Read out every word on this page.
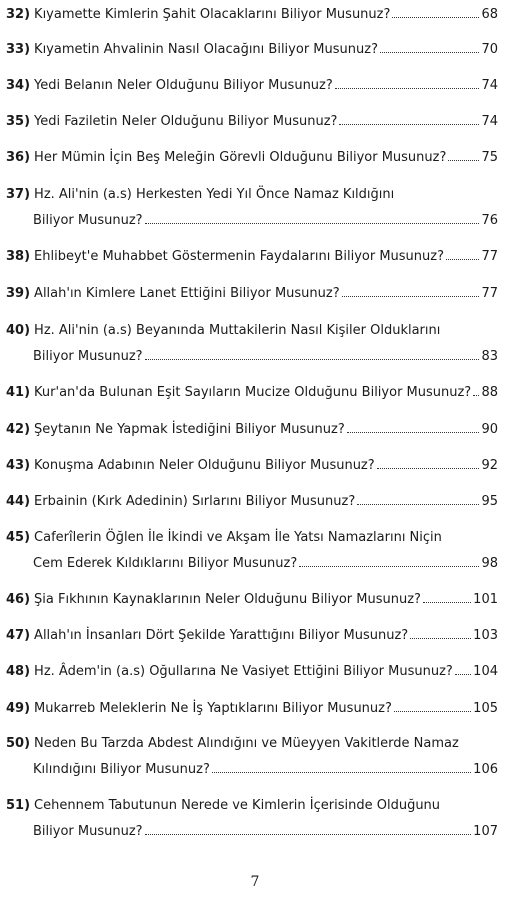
32) Kıyamette Kimlerin Şahit Olacaklarını Biliyor Musunuz?	68
33) Kıyametin Ahvalinin Nasıl Olacağını Biliyor Musunuz?	70
34) Yedi Belanın Neler Olduğunu Biliyor Musunuz?	74
35) Yedi Faziletin Neler Olduğunu Biliyor Musunuz?	74
36) Her Mümin İçin Beş Meleğin Görevli Olduğunu Biliyor Musunuz?	75
37) Hz. Ali'nin (a.s) Herkesten Yedi Yıl Önce Namaz Kıldığını
Biliyor Musunuz?	76
38) Ehlibeyt'e Muhabbet Göstermenin Faydalarını Biliyor Musunuz?	77
39) Allah'ın Kimlere Lanet Ettiğini Biliyor Musunuz?	77
40) Hz. Ali'nin (a.s) Beyanında Muttakilerin Nasıl Kişiler Olduklarını
Biliyor Musunuz?	83
41) Kur'an'da Bulunan Eşit Sayıların Mucize Olduğunu Biliyor Musunuz? 88
42) Şeytanın Ne Yapmak İstediğini Biliyor Musunuz?	90
43) Konuşma Adabının Neler Olduğunu Biliyor Musunuz?	92
44) Erbainin (Kırk Adedinin) Sırlarını Biliyor Musunuz?	95
45) Caferîlerin Öğlen İle İkindi ve Akşam İle Yatsı Namazlarını Niçin
Cem Ederek Kıldıklarını Biliyor Musunuz?	98
46) Şia Fıkhının Kaynaklarının Neler Olduğunu Biliyor Musunuz?	101
47) Allah'ın İnsanları Dört Şekilde Yarattığını Biliyor Musunuz?	103
48) Hz. Âdem'in (a.s) Oğullarına Ne Vasiyet Ettiğini Biliyor Musunuz? 104
49) Mukarreb Meleklerin Ne İş Yaptıklarını Biliyor Musunuz?	105
50) Neden Bu Tarzda Abdest Alındığını ve Müeyyen Vakitlerde Namaz
Kılındığını Biliyor Musunuz?	106
51) Cehennem Tabutunun Nerede ve Kimlerin İçerisinde Olduğunu
Biliyor Musunuz?	107
7
